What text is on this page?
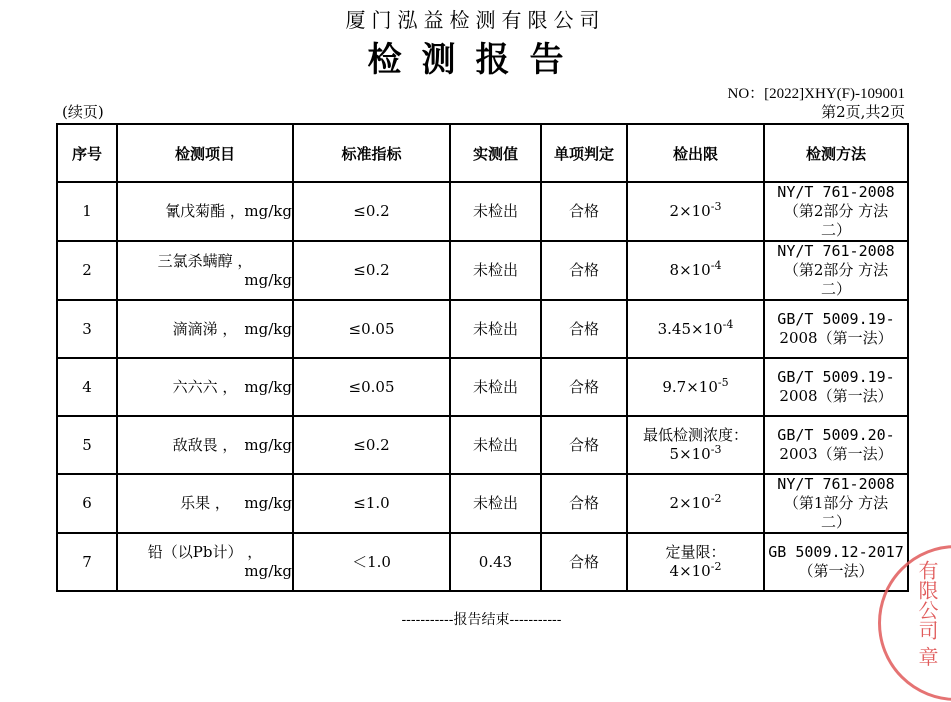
厦门泓益检测有限公司
检测报告
NO：[2022]XHY(F)-109001
(续页)	第2页,共2页
序号	检测项目	标准指标	实测值	单项判定	检出限	检测方法
1	氰戊菊酯 ， mg/kg	≤0.2	未检出	合格	$2\times 10^{-3}$	NY/T 761-2008
（第2部分 方法
二）

2	三氯杀螨醇 ，
mg/kg	≤0.2	未检出	合格	$8\times 10^{-4}$	NY/T 761-2008
（第2部分 方法
二）

3	滴滴涕 ， mg/kg	≤0.05	未检出	合格	$3.45\times 10^{-4}$	GB/T 5009.19-
2008（第一法）

4	六六六 ， mg/kg	≤0.05	未检出	合格	$9.7\times 10^{-5}$	GB/T 5009.19-
2008（第一法）

5	敌敌畏 ， mg/kg	≤0.2	未检出	合格	最低检测浓度：
$5\times 10^{-3}$	GB/T 5009.20-
2003（第一法）

6	乐果 ， mg/kg	≤1.0	未检出	合格	$2\times 10^{-2}$	NY/T 761-2008
（第1部分 方法
二）

7	铅（以Pb计） ，
mg/kg	＜1.0	0.43	合格	定量限：
$4\times 10^{-2}$	GB 5009.12-2017
（第一法）
-----------报告结束-----------	有限公司 章
